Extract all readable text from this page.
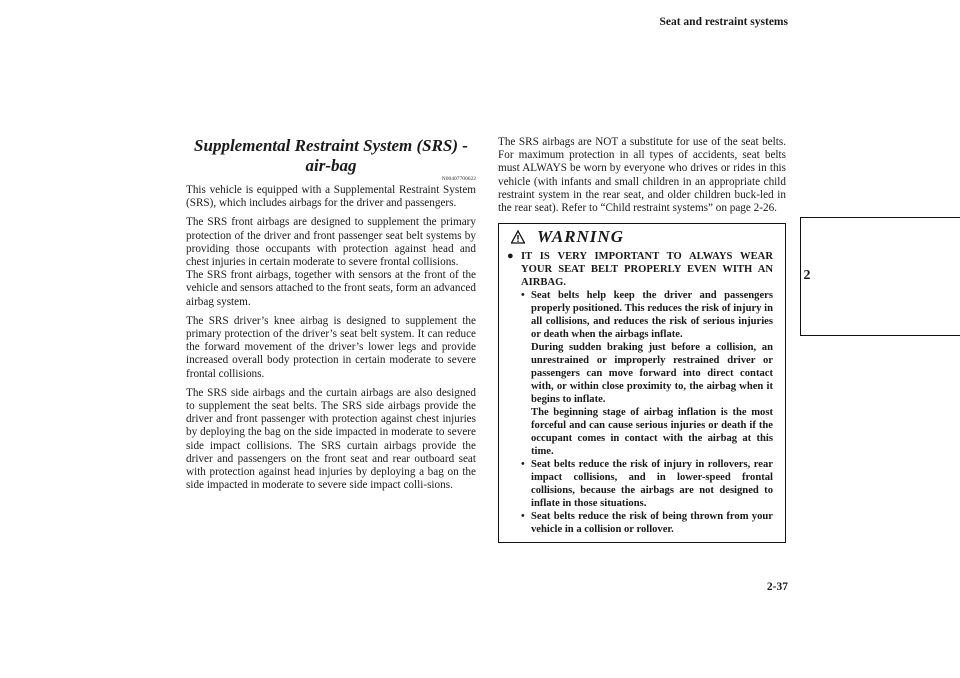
Seat and restraint systems
2
Supplemental Restraint System (SRS) - air-bag
N00407700622

This vehicle is equipped with a Supplemental Restraint System (SRS), which includes airbags for the driver and passengers.

The SRS front airbags are designed to supplement the primary protection of the driver and front passenger seat belt systems by providing those occupants with protection against head and chest injuries in certain moderate to severe frontal collisions.

The SRS front airbags, together with sensors at the front of the vehicle and sensors attached to the front seats, form an advanced airbag system.

The SRS driver’s knee airbag is designed to supplement the primary protection of the driver’s seat belt system. It can reduce the forward movement of the driver’s lower legs and provide increased overall body protection in certain moderate to severe frontal collisions.

The SRS side airbags and the curtain airbags are also designed to supplement the seat belts. The SRS side airbags provide the driver and front passenger with protection against chest injuries by deploying the bag on the side impacted in moderate to severe side impact collisions. The SRS curtain airbags provide the driver and passengers on the front seat and rear outboard seat with protection against head injuries by deploying a bag on the side impacted in moderate to severe side impact colli-sions.

The SRS airbags are NOT a substitute for use of the seat belts. For maximum protection in all types of accidents, seat belts must ALWAYS be worn by everyone who drives or rides in this vehicle (with infants and small children in an appropriate child restraint system in the rear seat, and older children buck-led in the rear seat). Refer to “Child restraint systems” on page 2-26.

WARNING
● IT IS VERY IMPORTANT TO ALWAYS WEAR YOUR SEAT BELT PROPERLY EVEN WITH AN AIRBAG.
• Seat belts help keep the driver and passengers properly positioned. This reduces the risk of injury in all collisions, and reduces the risk of serious injuries or death when the airbags inflate.

During sudden braking just before a collision, an unrestrained or improperly restrained driver or passengers can move forward into direct contact with, or within close proximity to, the airbag when it begins to inflate.

The beginning stage of airbag inflation is the most forceful and can cause serious injuries or death if the occupant comes in contact with the airbag at this time.

• Seat belts reduce the risk of injury in rollovers, rear impact collisions, and in lower-speed frontal collisions, because the airbags are not designed to inflate in those situations.

• Seat belts reduce the risk of being thrown from your vehicle in a collision or rollover.

2-37
